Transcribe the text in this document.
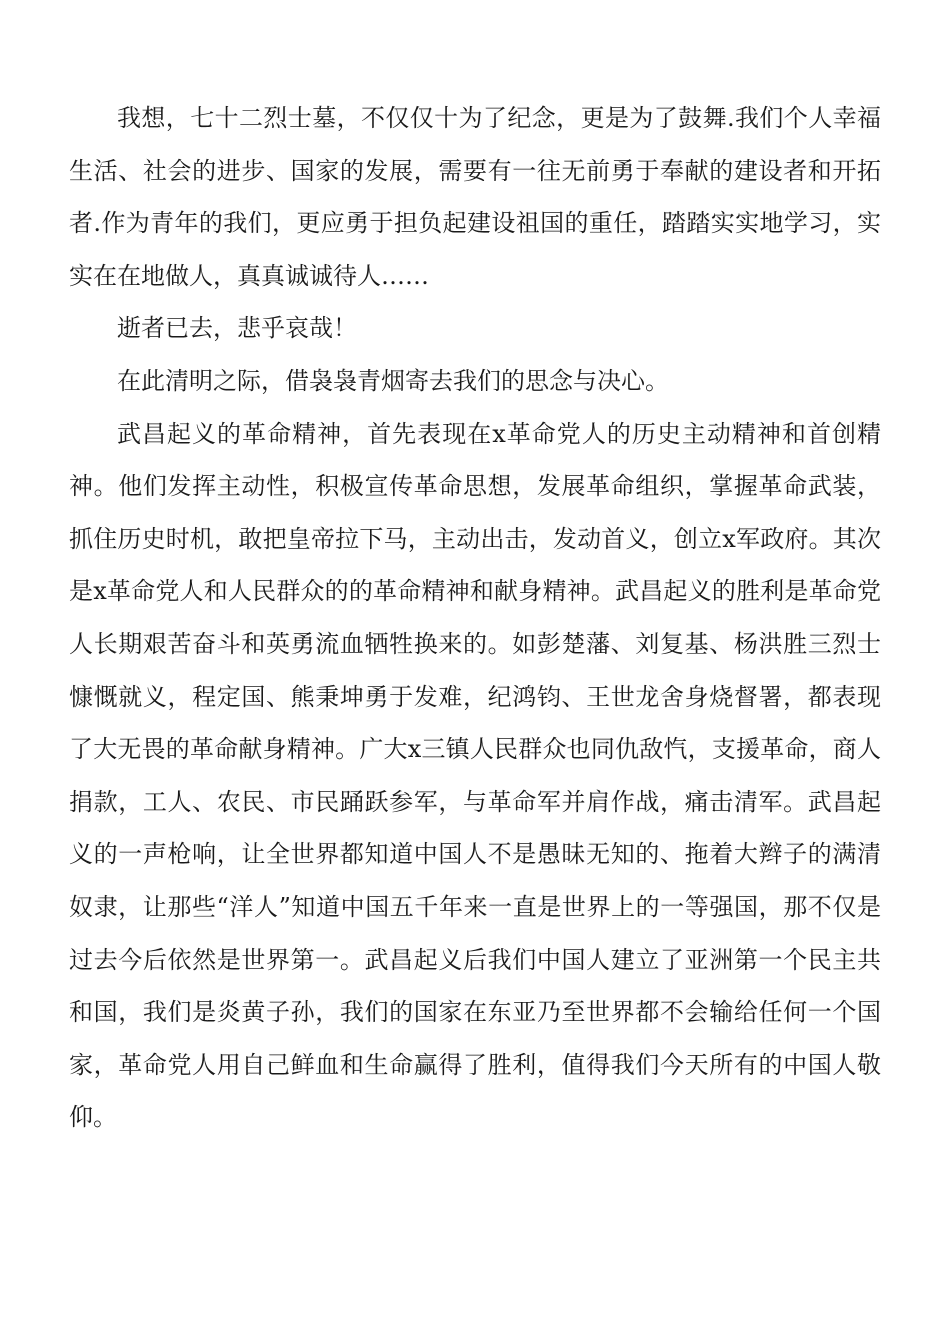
我想，七十二烈士墓，不仅仅十为了纪念，更是为了鼓舞.我们个人幸福生活、社会的进步、国家的发展，需要有一往无前勇于奉献的建设者和开拓者.作为青年的我们，更应勇于担负起建设祖国的重任，踏踏实实地学习，实实在在地做人，真真诚诚待人……

逝者已去，悲乎哀哉！

在此清明之际，借袅袅青烟寄去我们的思念与决心。

武昌起义的革命精神，首先表现在x革命党人的历史主动精神和首创精神。他们发挥主动性，积极宣传革命思想，发展革命组织，掌握革命武装，抓住历史时机，敢把皇帝拉下马，主动出击，发动首义，创立x军政府。其次是x革命党人和人民群众的的革命精神和献身精神。武昌起义的胜利是革命党人长期艰苦奋斗和英勇流血牺牲换来的。如彭楚藩、刘复基、杨洪胜三烈士慷慨就义，程定国、熊秉坤勇于发难，纪鸿钧、王世龙舍身烧督署，都表现了大无畏的革命献身精神。广大x三镇人民群众也同仇敌忾，支援革命，商人捐款，工人、农民、市民踊跃参军，与革命军并肩作战，痛击清军。武昌起义的一声枪响，让全世界都知道中国人不是愚昧无知的、拖着大辫子的满清奴隶，让那些“洋人”知道中国五千年来一直是世界上的一等强国，那不仅是过去今后依然是世界第一。武昌起义后我们中国人建立了亚洲第一个民主共和国，我们是炎黄子孙，我们的国家在东亚乃至世界都不会输给任何一个国家，革命党人用自己鲜血和生命赢得了胜利，值得我们今天所有的中国人敬仰。
